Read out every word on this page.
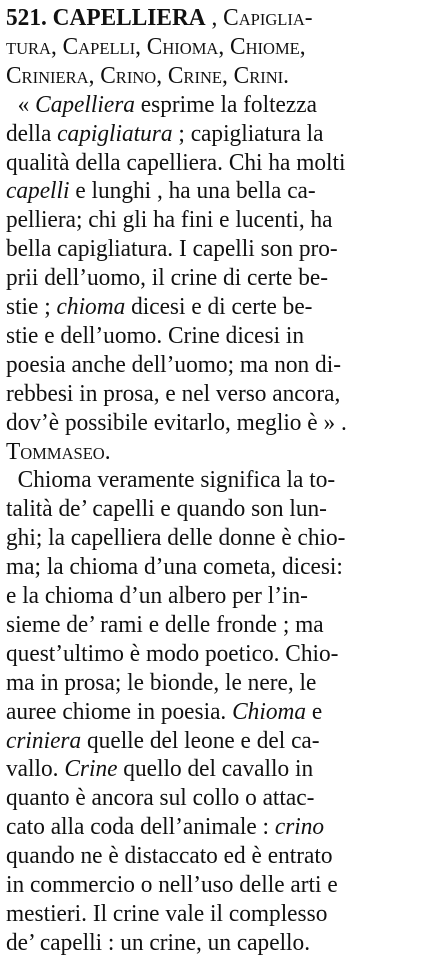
521. CAPELLIERA , Capiglia-
tura, Capelli, Chioma, Chiome,
Criniera, Crino, Crine, Crini.
« Capelliera esprime la foltezza
della capigliatura ; capigliatura la
qualità della capelliera. Chi ha molti
capelli e lunghi , ha una bella ca-
pelliera; chi gli ha fini e lucenti, ha
bella capigliatura. I capelli son pro-
prii dell’uomo, il crine di certe be-
stie ; chioma dicesi e di certe be-
stie e dell’uomo. Crine dicesi in
poesia anche dell’uomo; ma non di-
rebbesi in prosa, e nel verso ancora,
dov’è possibile evitarlo, meglio è » .
Tommaseo.
Chioma veramente significa la to-
talità de’ capelli e quando son lun-
ghi; la capelliera delle donne è chio-
ma; la chioma d’una cometa, dicesi:
e la chioma d’un albero per l’in-
sieme de’ rami e delle fronde ; ma
quest’ultimo è modo poetico. Chio-
ma in prosa; le bionde, le nere, le
auree chiome in poesia. Chioma e
criniera quelle del leone e del ca-
vallo. Crine quello del cavallo in
quanto è ancora sul collo o attac-
cato alla coda dell’animale : crino
quando ne è distaccato ed è entrato
in commercio o nell’uso delle arti e
mestieri. Il crine vale il complesso
de’ capelli : un crine, un capello.
